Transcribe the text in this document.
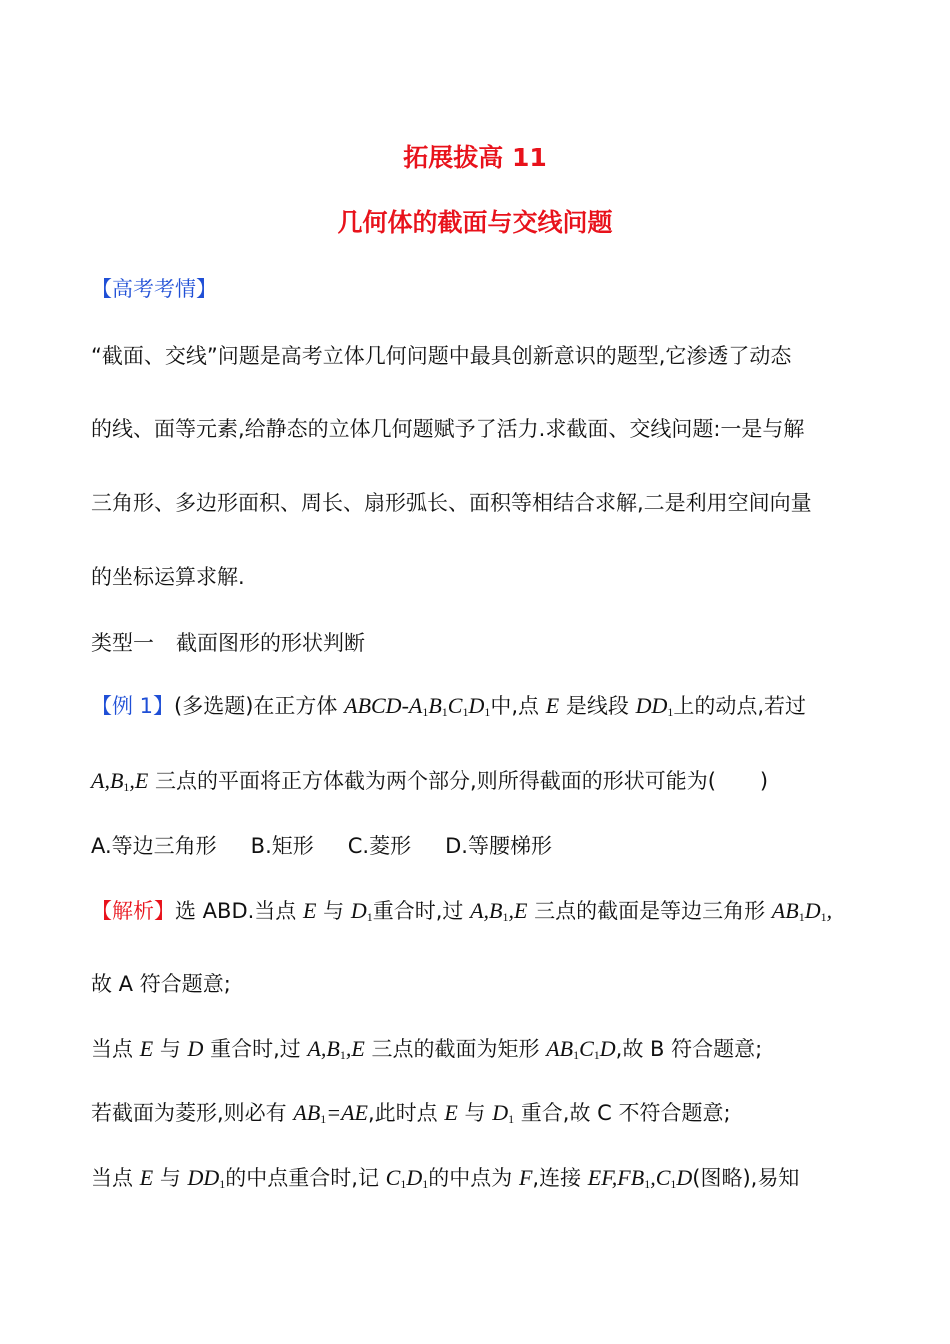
拓展拔高 11
几何体的截面与交线问题
【高考考情】
“截面、交线”问题是高考立体几何问题中最具创新意识的题型,它渗透了动态
的线、面等元素,给静态的立体几何题赋予了活力.求截面、交线问题:一是与解
三角形、多边形面积、周长、扇形弧长、面积等相结合求解,二是利用空间向量
的坐标运算求解.
类型一 截面图形的形状判断
【例 1】(多选题)在正方体 ABCD-$A_1B_1C_1D_1$中,点 E 是线段 $DD_1$上的动点,若过
$A,B_1,E$ 三点的平面将正方体截为两个部分,则所得截面的形状可能为( )
A.等边三角形 B.矩形 C.菱形 D.等腰梯形
【解析】选 ABD.当点 E 与 $D_1$重合时,过 $A,B_1,E$ 三点的截面是等边三角形 $AB_1D_1$,
故 A 符合题意;
当点 E 与 D 重合时,过 $A,B_1,E$ 三点的截面为矩形 $AB_1C_1D$,故 B 符合题意;
若截面为菱形,则必有 $AB_1=AE$,此时点 E 与 $D_1$ 重合,故 C 不符合题意;
当点 E 与 $DD_1$的中点重合时,记 $C_1D_1$的中点为 F,连接 $EF,FB_1,C_1D$(图略),易知
